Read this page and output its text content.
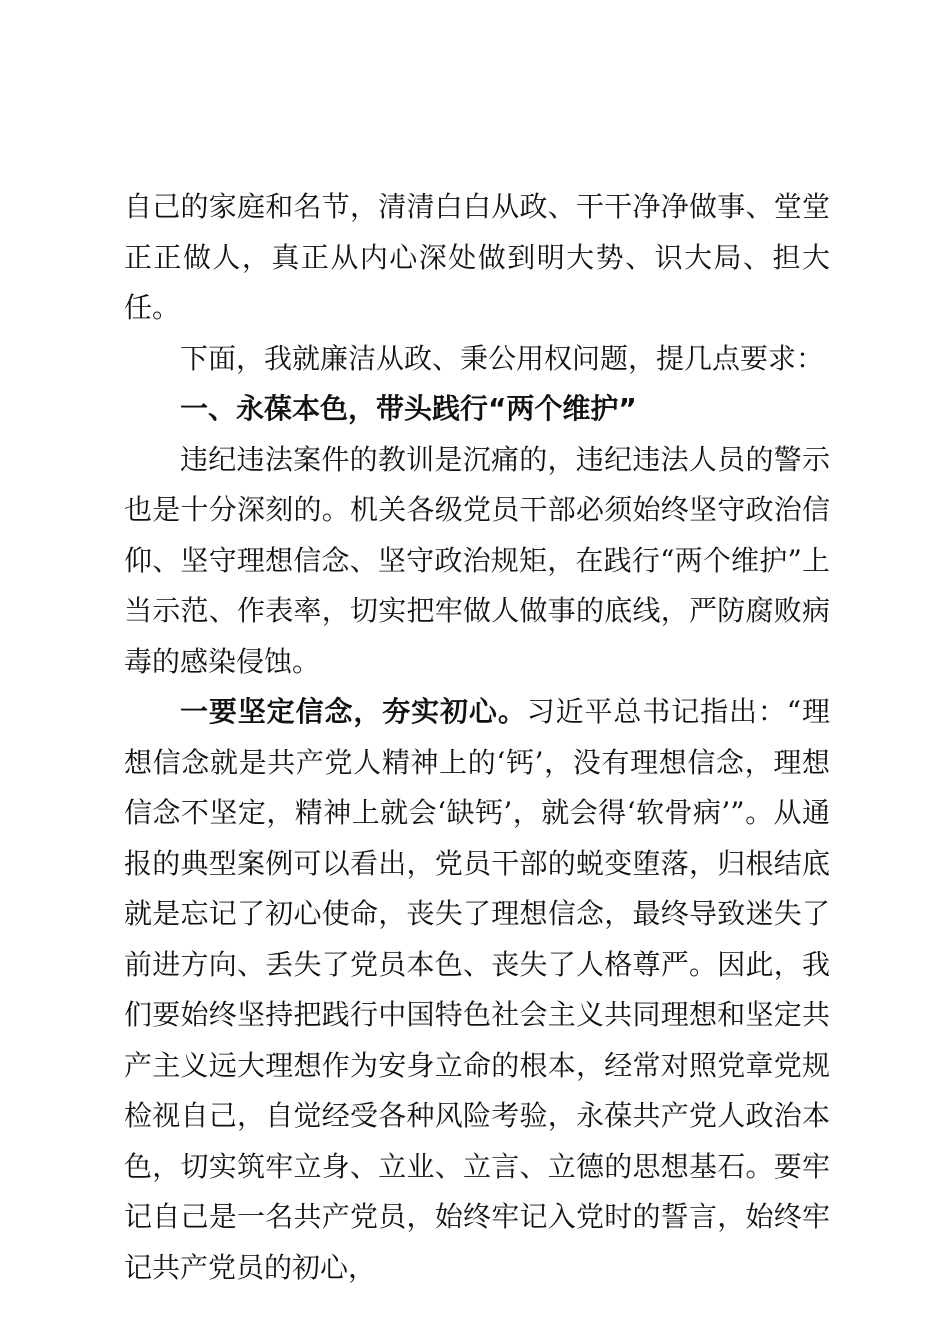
自己的家庭和名节，清清白白从政、干干净净做事、堂堂正正做人，真正从内心深处做到明大势、识大局、担大任。

下面，我就廉洁从政、秉公用权问题，提几点要求：

一、永葆本色，带头践行“两个维护”

违纪违法案件的教训是沉痛的，违纪违法人员的警示也是十分深刻的。机关各级党员干部必须始终坚守政治信仰、坚守理想信念、坚守政治规矩，在践行“两个维护”上当示范、作表率，切实把牢做人做事的底线，严防腐败病毒的感染侵蚀。

一要坚定信念，夯实初心。习近平总书记指出：“理想信念就是共产党人精神上的‘钙’，没有理想信念，理想信念不坚定，精神上就会‘缺钙’，就会得‘软骨病’”。从通报的典型案例可以看出，党员干部的蜕变堕落，归根结底就是忘记了初心使命，丧失了理想信念，最终导致迷失了前进方向、丢失了党员本色、丧失了人格尊严。因此，我们要始终坚持把践行中国特色社会主义共同理想和坚定共产主义远大理想作为安身立命的根本，经常对照党章党规检视自己，自觉经受各种风险考验，永葆共产党人政治本色，切实筑牢立身、立业、立言、立德的思想基石。要牢记自己是一名共产党员，始终牢记入党时的誓言，始终牢记共产党员的初心，
